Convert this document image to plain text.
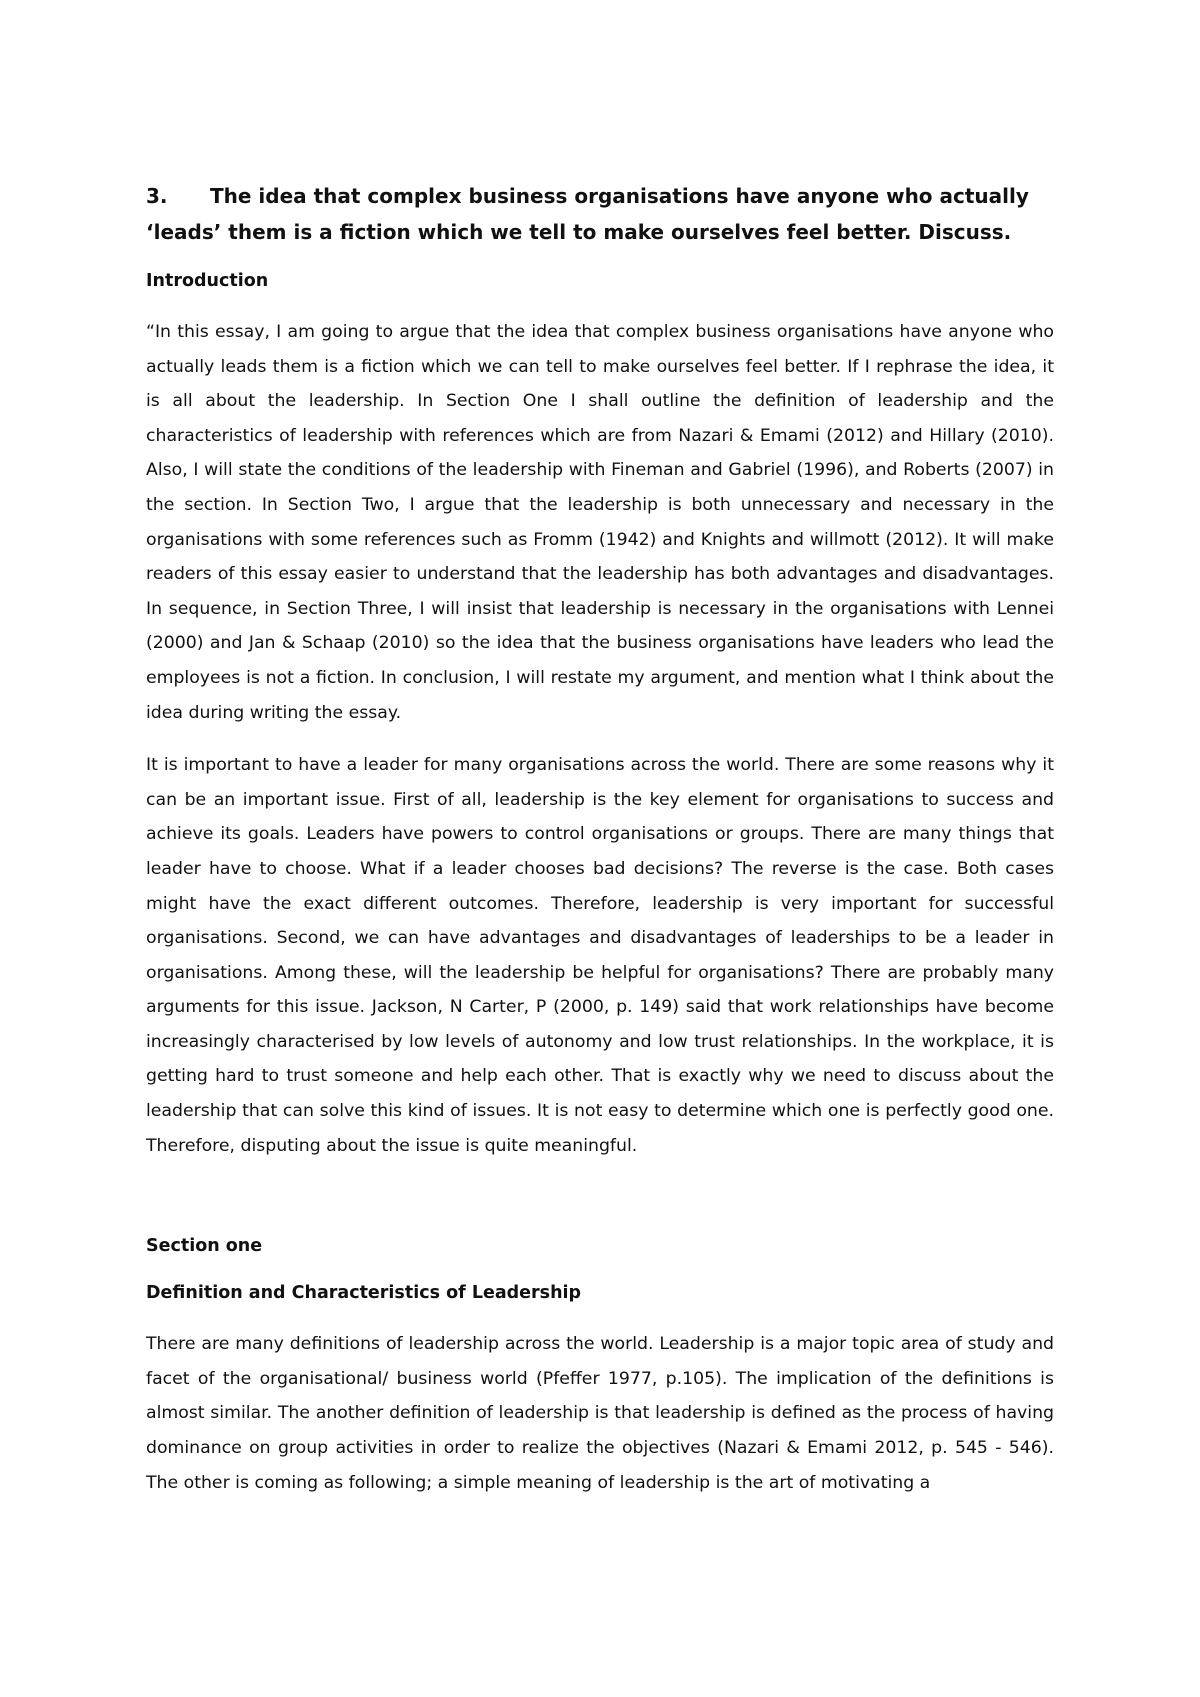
3. The idea that complex business organisations have anyone who actually ‘leads’ them is a fiction which we tell to make ourselves feel better. Discuss.
Introduction

“In this essay, I am going to argue that the idea that complex business organisations have anyone who actually leads them is a fiction which we can tell to make ourselves feel better. If I rephrase the idea, it is all about the leadership. In Section One I shall outline the definition of leadership and the characteristics of leadership with references which are from Nazari & Emami (2012) and Hillary (2010). Also, I will state the conditions of the leadership with Fineman and Gabriel (1996), and Roberts (2007) in the section. In Section Two, I argue that the leadership is both unnecessary and necessary in the organisations with some references such as Fromm (1942) and Knights and willmott (2012). It will make readers of this essay easier to understand that the leadership has both advantages and disadvantages. In sequence, in Section Three, I will insist that leadership is necessary in the organisations with Lennei (2000) and Jan & Schaap (2010) so the idea that the business organisations have leaders who lead the employees is not a fiction. In conclusion, I will restate my argument, and mention what I think about the idea during writing the essay.

It is important to have a leader for many organisations across the world. There are some reasons why it can be an important issue. First of all, leadership is the key element for organisations to success and achieve its goals. Leaders have powers to control organisations or groups. There are many things that leader have to choose. What if a leader chooses bad decisions? The reverse is the case. Both cases might have the exact different outcomes. Therefore, leadership is very important for successful organisations. Second, we can have advantages and disadvantages of leaderships to be a leader in organisations. Among these, will the leadership be helpful for organisations? There are probably many arguments for this issue. Jackson, N Carter, P (2000, p. 149) said that work relationships have become increasingly characterised by low levels of autonomy and low trust relationships. In the workplace, it is getting hard to trust someone and help each other. That is exactly why we need to discuss about the leadership that can solve this kind of issues. It is not easy to determine which one is perfectly good one. Therefore, disputing about the issue is quite meaningful.

Section one
Definition and Characteristics of Leadership

There are many definitions of leadership across the world. Leadership is a major topic area of study and facet of the organisational/ business world (Pfeffer 1977, p.105). The implication of the definitions is almost similar. The another definition of leadership is that leadership is defined as the process of having dominance on group activities in order to realize the objectives (Nazari & Emami 2012, p. 545 - 546). The other is coming as following; a simple meaning of leadership is the art of motivating a
